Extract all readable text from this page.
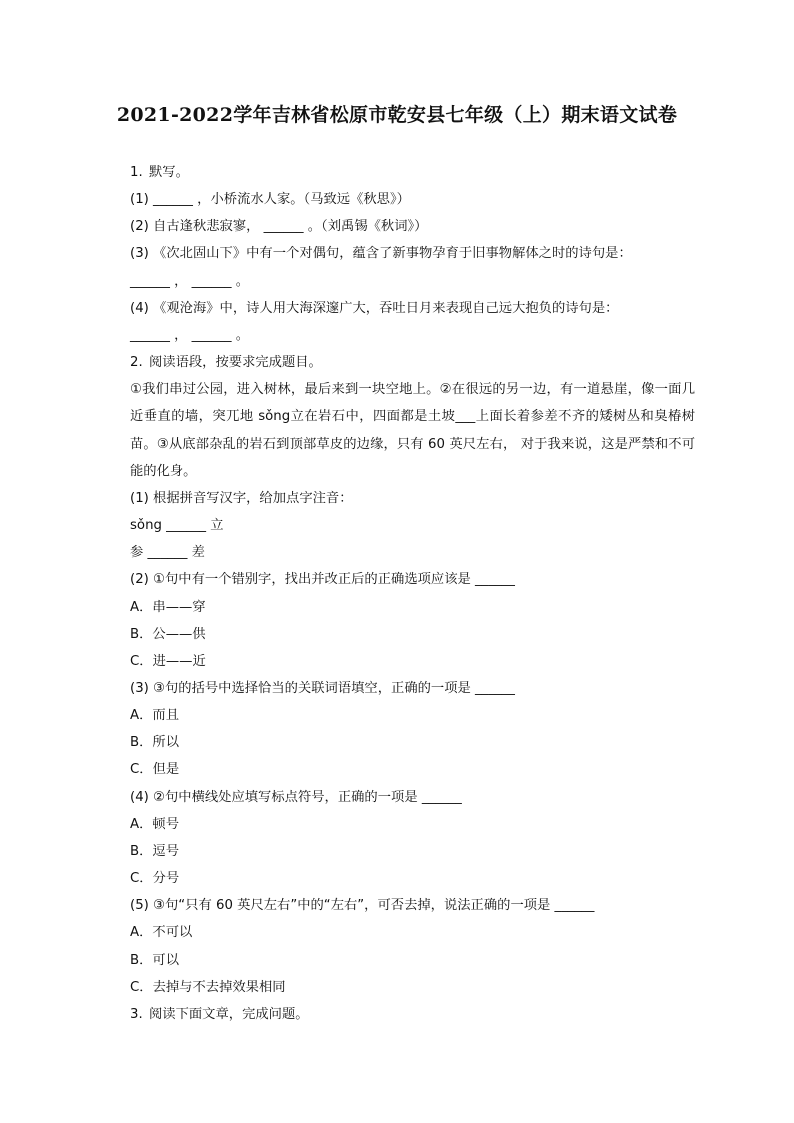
2021-2022学年吉林省松原市乾安县七年级（上）期末语文试卷
1. 默写。
(1) ______ ，小桥流水人家。（马致远《秋思》）
(2) 自古逢秋悲寂寥， ______ 。（刘禹锡《秋词》）
(3) 《次北固山下》中有一个对偶句，蕴含了新事物孕育于旧事物解体之时的诗句是：
______ ， ______ 。
(4) 《观沧海》中，诗人用大海深邃广大，吞吐日月来表现自己远大抱负的诗句是：
______ ， ______ 。
2. 阅读语段，按要求完成题目。
①我们串过公园，进入树林，最后来到一块空地上。②在很远的另一边，有一道悬崖，像一面几近垂直的墙，突兀地 sǒng立在岩石中，四面都是土坡___上面长着参差不齐的矮树丛和臭椿树苗。③从底部杂乱的岩石到顶部草皮的边缘，只有 60 英尺左右， 对于我来说，这是严禁和不可能的化身。
(1) 根据拼音写汉字，给加点字注音：
sǒng ______ 立
参 ______ 差
(2) ①句中有一个错别字，找出并改正后的正确选项应该是 ______
A．串——穿
B．公——供
C．进——近
(3) ③句的括号中选择恰当的关联词语填空，正确的一项是 ______
A．而且
B．所以
C．但是
(4) ②句中横线处应填写标点符号，正确的一项是 ______
A．顿号
B．逗号
C．分号
(5) ③句“只有 60 英尺左右”中的“左右”，可否去掉，说法正确的一项是 ______
A．不可以
B．可以
C．去掉与不去掉效果相同
3. 阅读下面文章，完成问题。
